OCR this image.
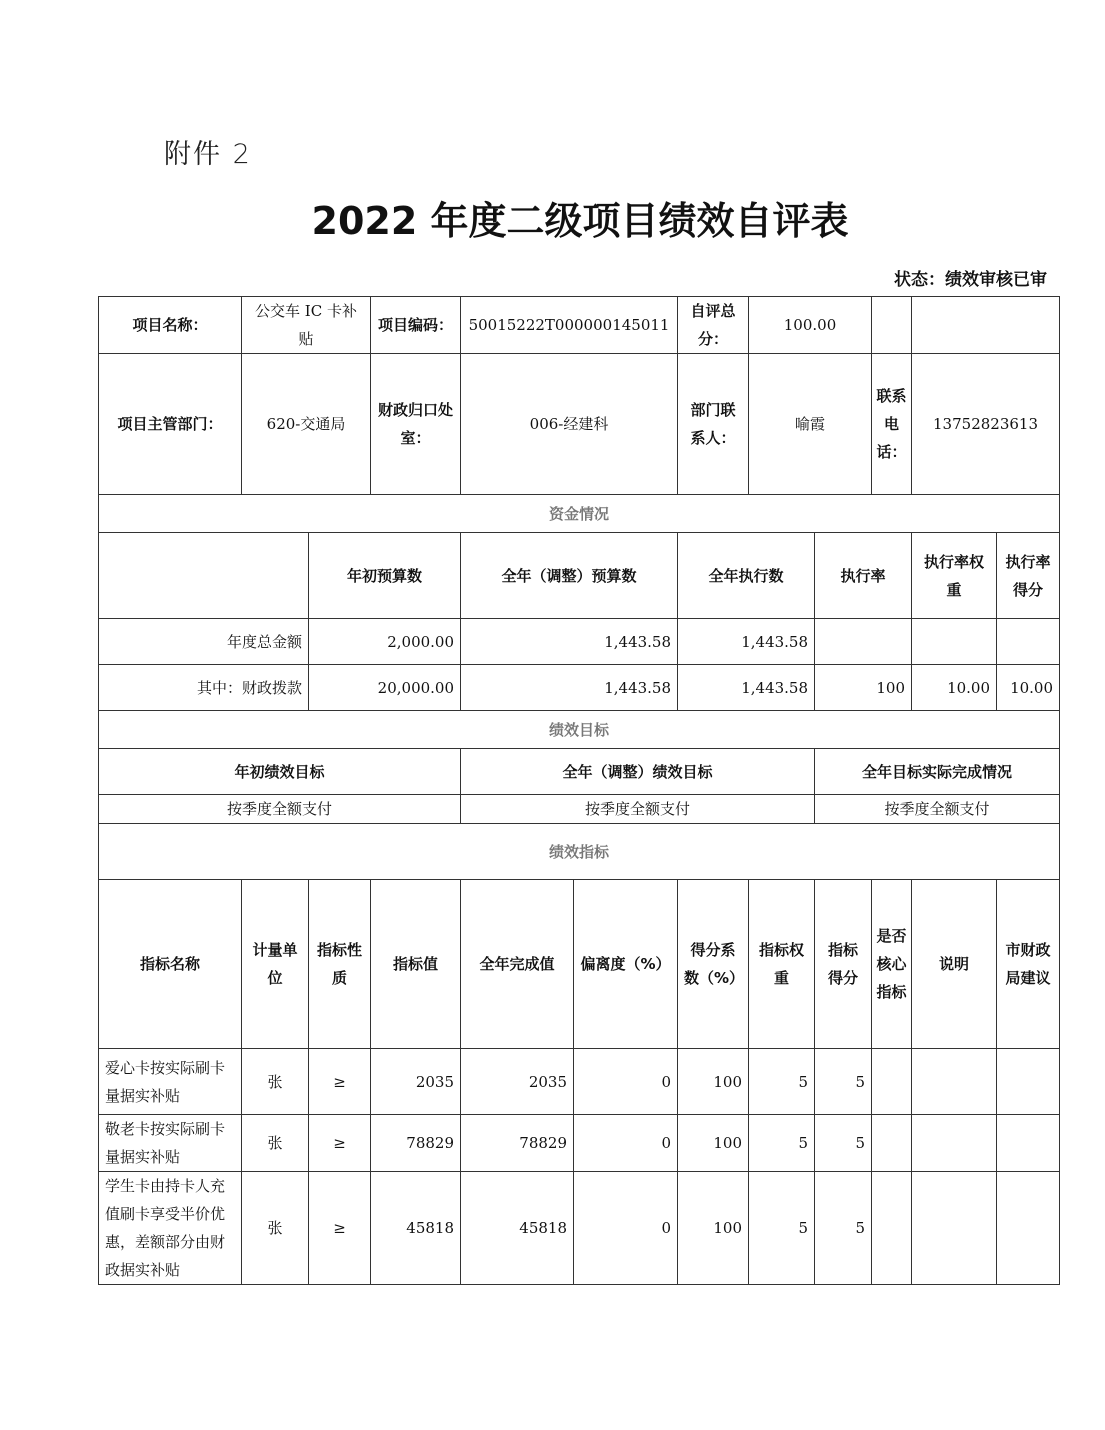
附件 2
2022 年度二级项目绩效自评表
状态：绩效审核已审
项目名称：	公交车 IC 卡补贴		项目编码：	50015222T000000145011		自评总分：	100.00				
项目主管部门：	620-交通局		财政归口处室：	006-经建科		部门联系人：	喻霞		联系电话：	13752823613	
资金情况											
		年初预算数		全年（调整）预算数		全年执行数		执行率		执行率权重	执行率得分
年度总金额		2,000.00		1,443.58		1,443.58					
其中：财政拨款		20,000.00		1,443.58		1,443.58		100		10.00	10.00
绩效目标											
年初绩效目标				全年（调整）绩效目标				全年目标实际完成情况			
按季度全额支付				按季度全额支付				按季度全额支付			
绩效指标											
指标名称	计量单位	指标性质	指标值	全年完成值	偏离度（%）	得分系数（%）	指标权重	指标得分	是否核心指标	说明	市财政局建议
爱心卡按实际刷卡量据实补贴	张	≥	2035	2035	0	100	5	5			
敬老卡按实际刷卡量据实补贴	张	≥	78829	78829	0	100	5	5			
学生卡由持卡人充值刷卡享受半价优惠，差额部分由财政据实补贴	张	≥	45818	45818	0	100	5	5			
